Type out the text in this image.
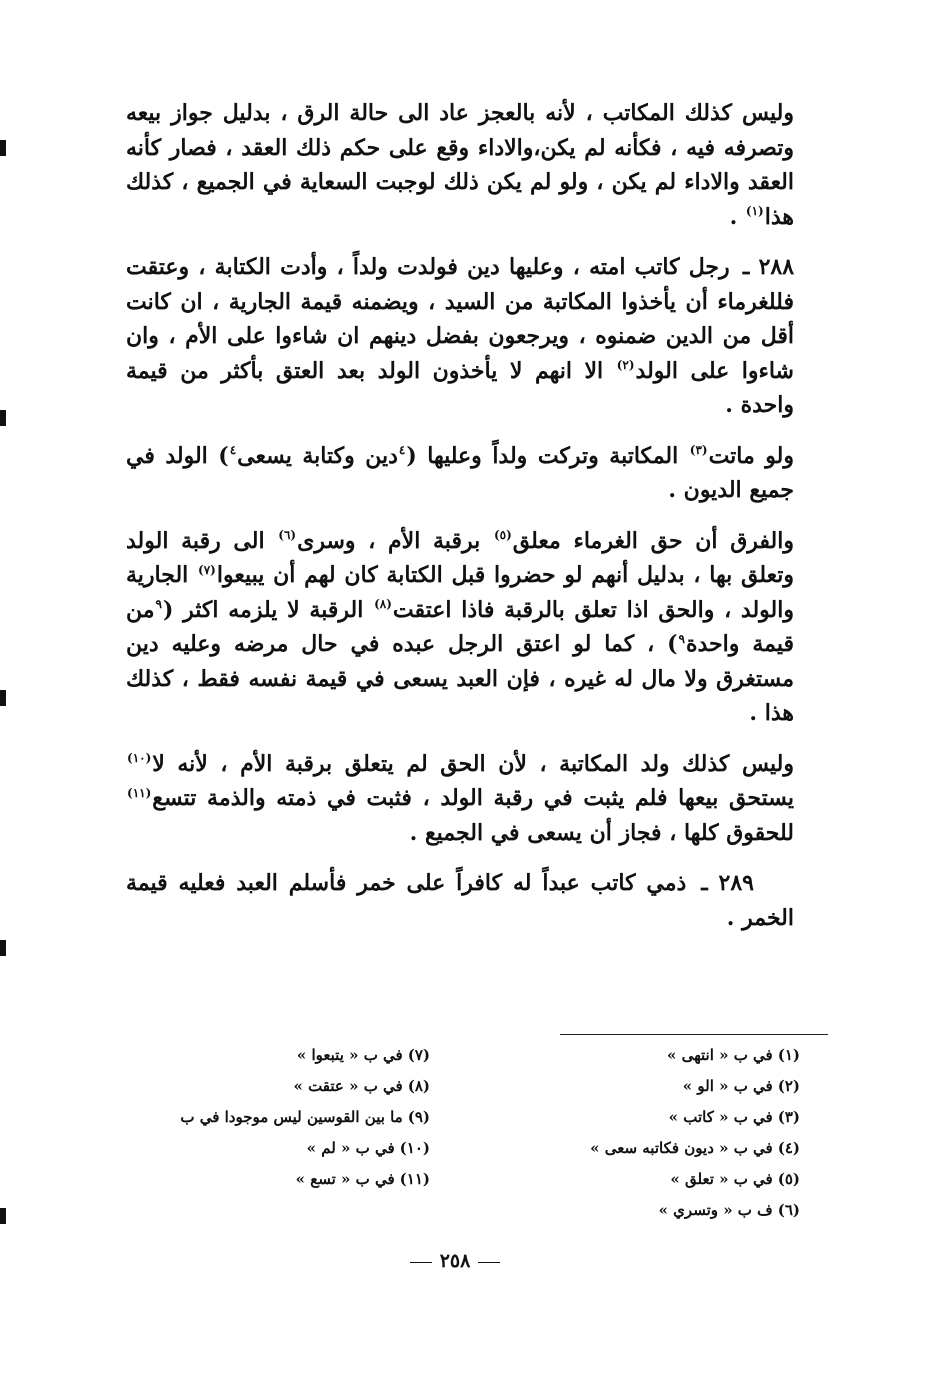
وليس كذلك المكاتب ، لأنه بالعجز عاد الى حالة الرق ، بدليل جواز بيعه وتصرفه فيه ، فكأنه لم يكن،والاداء وقع على حكم ذلك العقد ، فصار كأنه العقد والاداء لم يكن ، ولو لم يكن ذلك لوجبت السعاية في الجميع ، كذلك هذا$^{(١)}$ .

٢٨٨ ـ رجل كاتب امته ، وعليها دين فولدت ولداً ، وأدت الكتابة ، وعتقت فللغرماء أن يأخذوا المكاتبة من السيد ، ويضمنه قيمة الجارية ، ان كانت أقل من الدين ضمنوه ، ويرجعون بفضل دينهم ان شاءوا على الأم ، وان شاءوا على الولد$^{(٢)}$ الا انهم لا يأخذون الولد بعد العتق بأكثر من قيمة واحدة .

ولو ماتت$^{(٣)}$ المكاتبة وتركت ولداً وعليها ($^٤$دين وكتابة يسعى$^٤$) الولد في جميع الديون .

والفرق أن حق الغرماء معلق$^{(٥)}$ برقبة الأم ، وسرى$^{(٦)}$ الى رقبة الولد وتعلق بها ، بدليل أنهم لو حضروا قبل الكتابة كان لهم أن يبيعوا$^{(٧)}$ الجارية والولد ، والحق اذا تعلق بالرقبة فاذا اعتقت$^{(٨)}$ الرقبة لا يلزمه اكثر ($^٩$من قيمة واحدة$^٩$) ، كما لو اعتق الرجل عبده في حال مرضه وعليه دين مستغرق ولا مال له غيره ، فإن العبد يسعى في قيمة نفسه فقط ، كذلك هذا .

وليس كذلك ولد المكاتبة ، لأن الحق لم يتعلق برقبة الأم ، لأنه لا$^{(١٠)}$ يستحق بيعها فلم يثبت في رقبة الولد ، فثبت في ذمته والذمة تتسع$^{(١١)}$ للحقوق كلها ، فجاز أن يسعى في الجميع .

٢٨٩ ـ ذمي كاتب عبداً له كافراً على خمر فأسلم العبد فعليه قيمة الخمر .

(١)في ب « انتهى »
(٢)في ب « الو »
(٣)في ب « كاتب »
(٤)في ب « ديون فكاتبه سعى »
(٥)في ب « تعلق »
(٦)ف ب « وتسري »
(٧)في ب « يتبعوا »
(٨)في ب « عتقت »
(٩)ما بين القوسين ليس موجودا في ب
(١٠)في ب « لم »
(١١)في ب « تسع »
٢٥٨
